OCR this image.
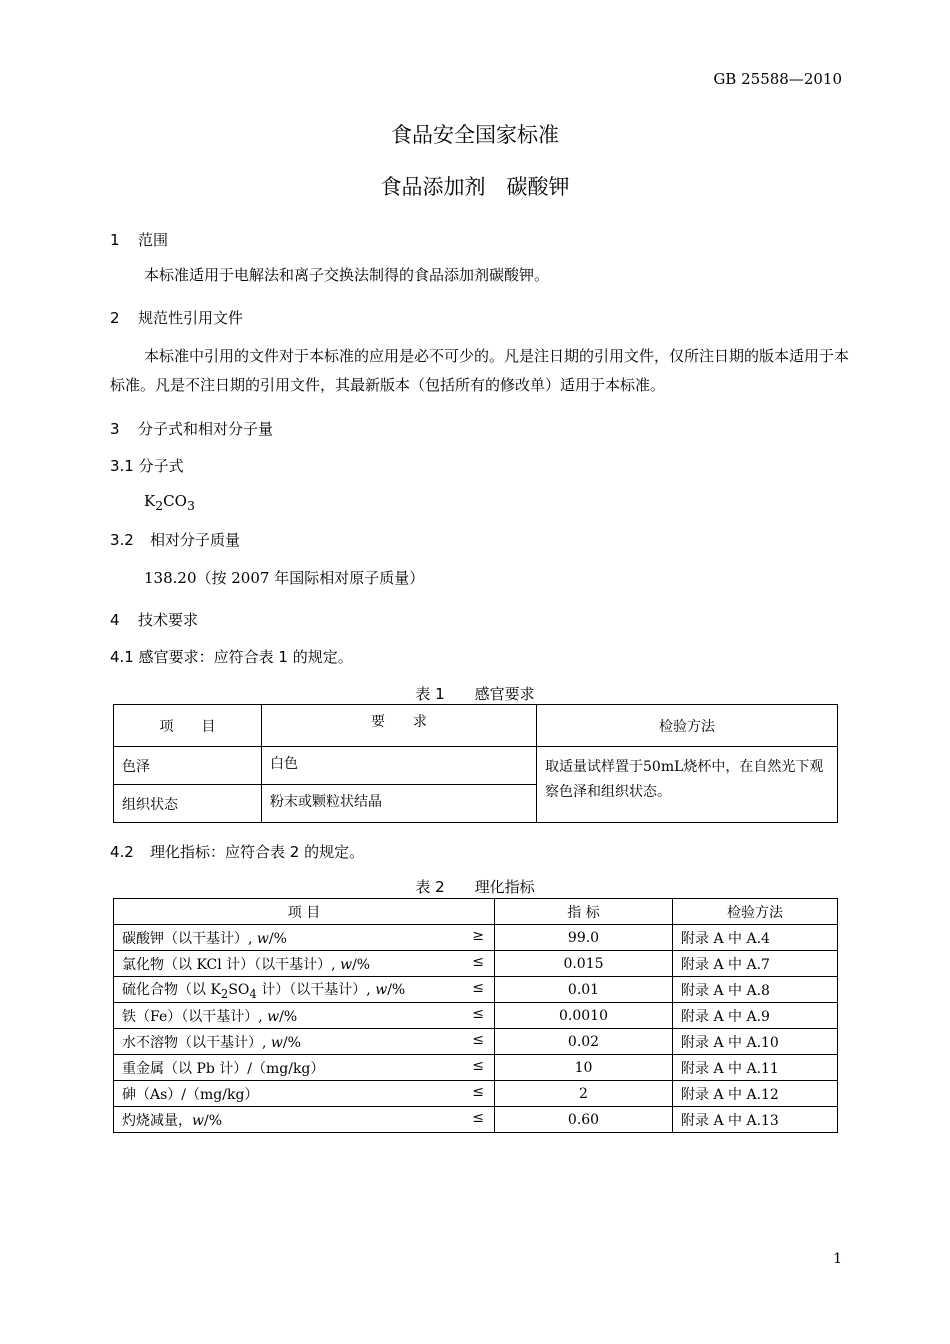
GB 25588—2010
食品安全国家标准
食品添加剂　碳酸钾
1 范围
本标准适用于电解法和离子交换法制得的食品添加剂碳酸钾。
2 规范性引用文件
本标准中引用的文件对于本标准的应用是必不可少的。凡是注日期的引用文件，仅所注日期的版本适用于本标准。凡是不注日期的引用文件，其最新版本（包括所有的修改单）适用于本标准。
3 分子式和相对分子量
3.1 分子式
$K_2CO_3$
3.2 相对分子质量
138.20（按 2007 年国际相对原子质量）
4 技术要求
4.1 感官要求：应符合表 1 的规定。
表 1　　感官要求
项　　目	要　　求	检验方法
色泽	白色	取适量试样置于50mL烧杯中，在自然光下观察色泽和组织状态。
组织状态	粉末或颗粒状结晶	
4.2 理化指标：应符合表 2 的规定。
表 2　　理化指标
项 目	指 标	检验方法
碳酸钾（以干基计）, w/% ≥	99.0	附录 A 中 A.4
氯化物（以 KCl 计）（以干基计）, w/% ≤	0.015	附录 A 中 A.7
硫化合物（以 $K_2SO_4$ 计）（以干基计）, w/% ≤	0.01	附录 A 中 A.8
铁（Fe）（以干基计）, w/% ≤	0.0010	附录 A 中 A.9
水不溶物（以干基计）, w/% ≤	0.02	附录 A 中 A.10
重金属（以 Pb 计）/（mg/kg） ≤	10	附录 A 中 A.11
砷（As）/（mg/kg） ≤	2	附录 A 中 A.12
灼烧减量，w/% ≤	0.60	附录 A 中 A.13
1
